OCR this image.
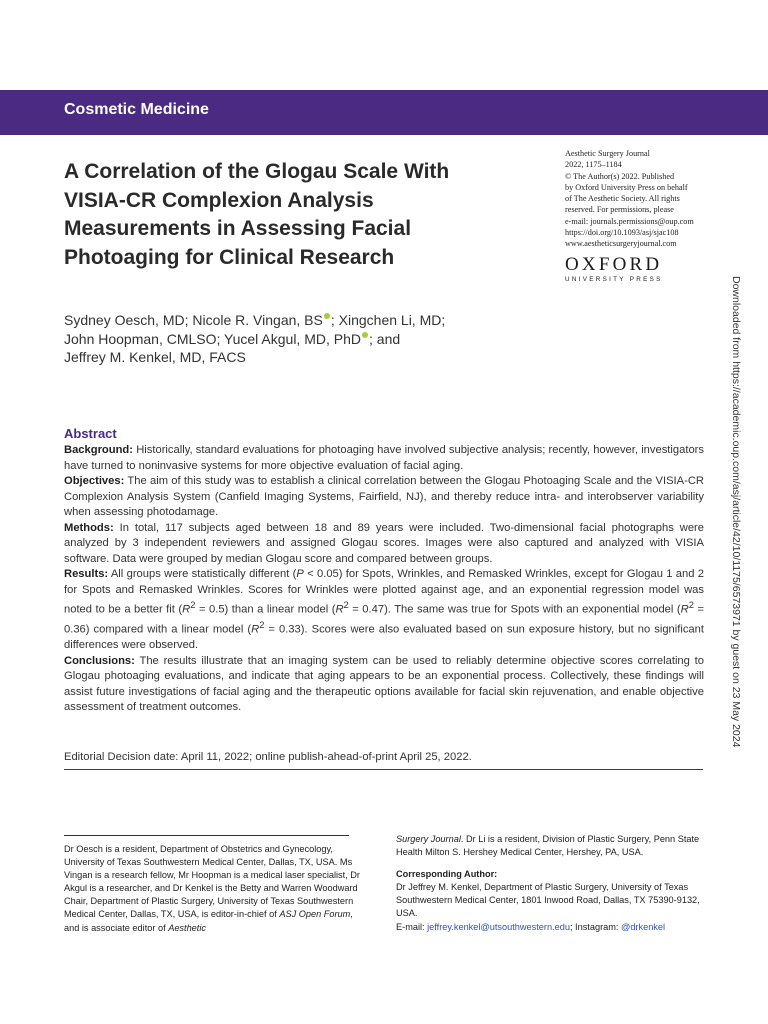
Cosmetic Medicine
A Correlation of the Glogau Scale With VISIA-CR Complexion Analysis Measurements in Assessing Facial Photoaging for Clinical Research
Aesthetic Surgery Journal
2022, 1175–1184
© The Author(s) 2022. Published
by Oxford University Press on behalf
of The Aesthetic Society. All rights
reserved. For permissions, please
e-mail: journals.permissions@oup.com
https://doi.org/10.1093/asj/sjac108
www.aestheticsurgeryjournal.com
OXFORD
UNIVERSITY PRESS
Sydney Oesch, MD; Nicole R. Vingan, BS ; Xingchen Li, MD;
John Hoopman, CMLSO; Yucel Akgul, MD, PhD ; and
Jeffrey M. Kenkel, MD, FACS	Downloaded from https://academic.oup.com/asj/article/42/10/1175/6573971 by guest on 23 May 2024
Abstract

Background: Historically, standard evaluations for photoaging have involved subjective analysis; recently, however, investigators have turned to noninvasive systems for more objective evaluation of facial aging.

Objectives: The aim of this study was to establish a clinical correlation between the Glogau Photoaging Scale and the VISIA-CR Complexion Analysis System (Canfield Imaging Systems, Fairfield, NJ), and thereby reduce intra- and interobserver variability when assessing photodamage.

Methods: In total, 117 subjects aged between 18 and 89 years were included. Two-dimensional facial photographs were analyzed by 3 independent reviewers and assigned Glogau scores. Images were also captured and analyzed with VISIA software. Data were grouped by median Glogau score and compared between groups.

Results: All groups were statistically different (P < 0.05) for Spots, Wrinkles, and Remasked Wrinkles, except for Glogau 1 and 2 for Spots and Remasked Wrinkles. Scores for Wrinkles were plotted against age, and an exponential regression model was noted to be a better fit $(R^2 = 0.5)$ than a linear model $(R^2 = 0.47)$. The same was true for Spots with an exponential model $(R^2 = 0.36)$ compared with a linear model $(R^2 = 0.33)$. Scores were also evaluated based on sun exposure history, but no significant differences were observed.

Conclusions: The results illustrate that an imaging system can be used to reliably determine objective scores correlating to Glogau photoaging evaluations, and indicate that aging appears to be an exponential process. Collectively, these findings will assist future investigations of facial aging and the therapeutic options available for facial skin rejuvenation, and enable objective assessment of treatment outcomes.

Editorial Decision date: April 11, 2022; online publish-ahead-of-print April 25, 2022.
Dr Oesch is a resident, Department of Obstetrics and Gynecology, University of Texas Southwestern Medical Center, Dallas, TX, USA. Ms Vingan is a research fellow, Mr Hoopman is a medical laser specialist, Dr Akgul is a researcher, and Dr Kenkel is the Betty and Warren Woodward Chair, Department of Plastic Surgery, University of Texas Southwestern Medical Center, Dallas, TX, USA, is editor-in-chief of ASJ Open Forum, and is associate editor of Aesthetic

Surgery Journal. Dr Li is a resident, Division of Plastic Surgery, Penn State Health Milton S. Hershey Medical Center, Hershey, PA, USA.

Corresponding Author:

Dr Jeffrey M. Kenkel, Department of Plastic Surgery, University of Texas Southwestern Medical Center, 1801 Inwood Road, Dallas, TX 75390-9132, USA.

E-mail: jeffrey.kenkel@utsouthwestern.edu; Instagram: @drkenkel
